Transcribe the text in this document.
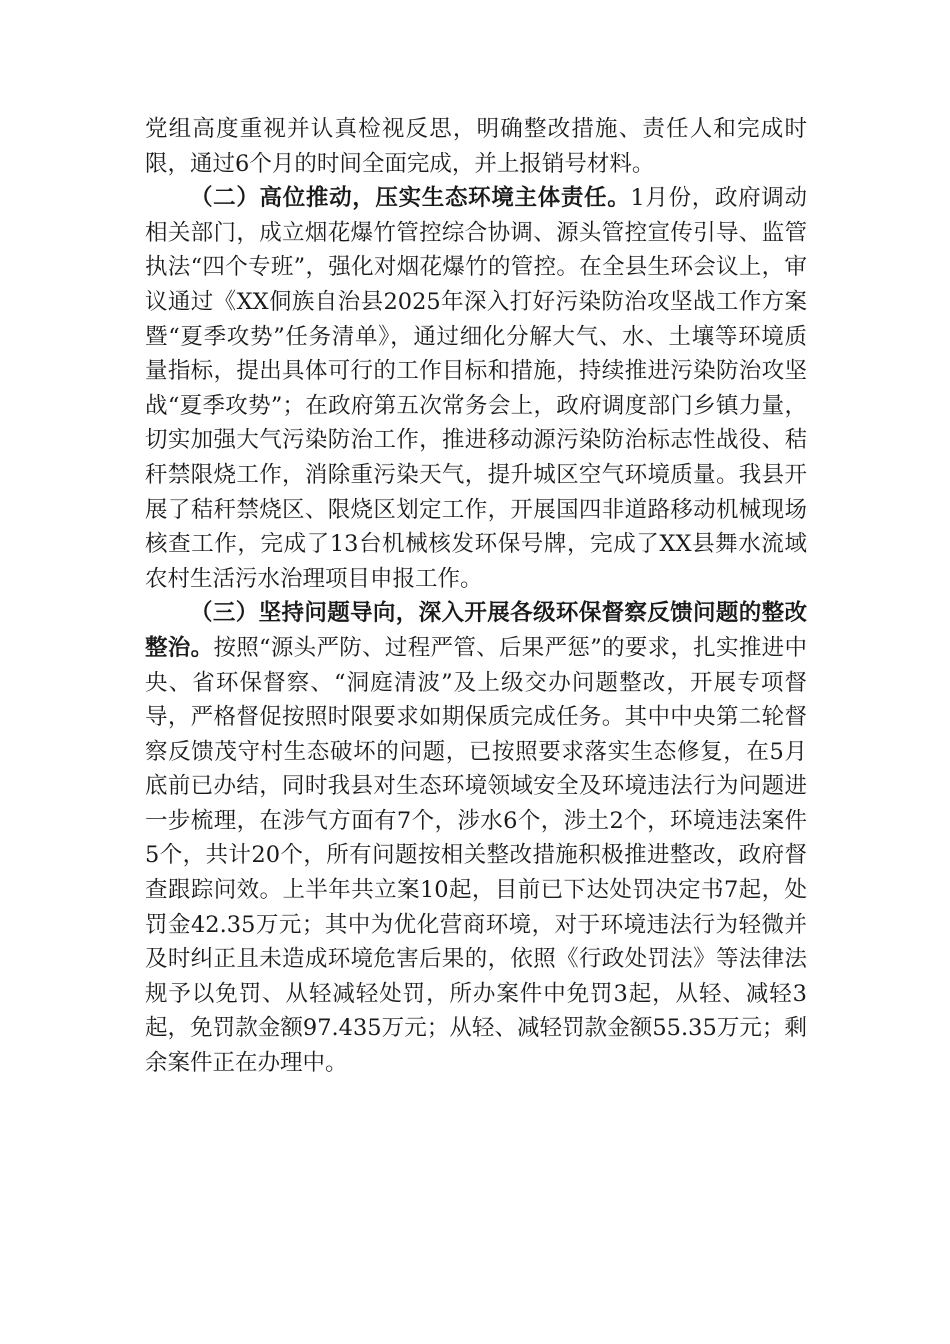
党组高度重视并认真检视反思，明确整改措施、责任人和完成时限，通过6个月的时间全面完成，并上报销号材料。

（二）高位推动，压实生态环境主体责任。1月份，政府调动相关部门，成立烟花爆竹管控综合协调、源头管控宣传引导、监管执法“四个专班”，强化对烟花爆竹的管控。在全县生环会议上，审议通过《XX侗族自治县2025年深入打好污染防治攻坚战工作方案暨“夏季攻势”任务清单》，通过细化分解大气、水、土壤等环境质量指标，提出具体可行的工作目标和措施，持续推进污染防治攻坚战“夏季攻势”；在政府第五次常务会上，政府调度部门乡镇力量，切实加强大气污染防治工作，推进移动源污染防治标志性战役、秸秆禁限烧工作，消除重污染天气，提升城区空气环境质量。我县开展了秸秆禁烧区、限烧区划定工作，开展国四非道路移动机械现场核查工作，完成了13台机械核发环保号牌，完成了XX县舞水流域农村生活污水治理项目申报工作。

（三）坚持问题导向，深入开展各级环保督察反馈问题的整改整治。按照“源头严防、过程严管、后果严惩”的要求，扎实推进中央、省环保督察、“洞庭清波”及上级交办问题整改，开展专项督导，严格督促按照时限要求如期保质完成任务。其中中央第二轮督察反馈茂守村生态破坏的问题，已按照要求落实生态修复，在5月底前已办结，同时我县对生态环境领域安全及环境违法行为问题进一步梳理，在涉气方面有7个，涉水6个，涉土2个，环境违法案件5个，共计20个，所有问题按相关整改措施积极推进整改，政府督查跟踪问效。上半年共立案10起，目前已下达处罚决定书7起，处罚金42.35万元；其中为优化营商环境，对于环境违法行为轻微并及时纠正且未造成环境危害后果的，依照《行政处罚法》等法律法规予以免罚、从轻减轻处罚，所办案件中免罚3起，从轻、减轻3起，免罚款金额97.435万元；从轻、减轻罚款金额55.35万元；剩余案件正在办理中。
